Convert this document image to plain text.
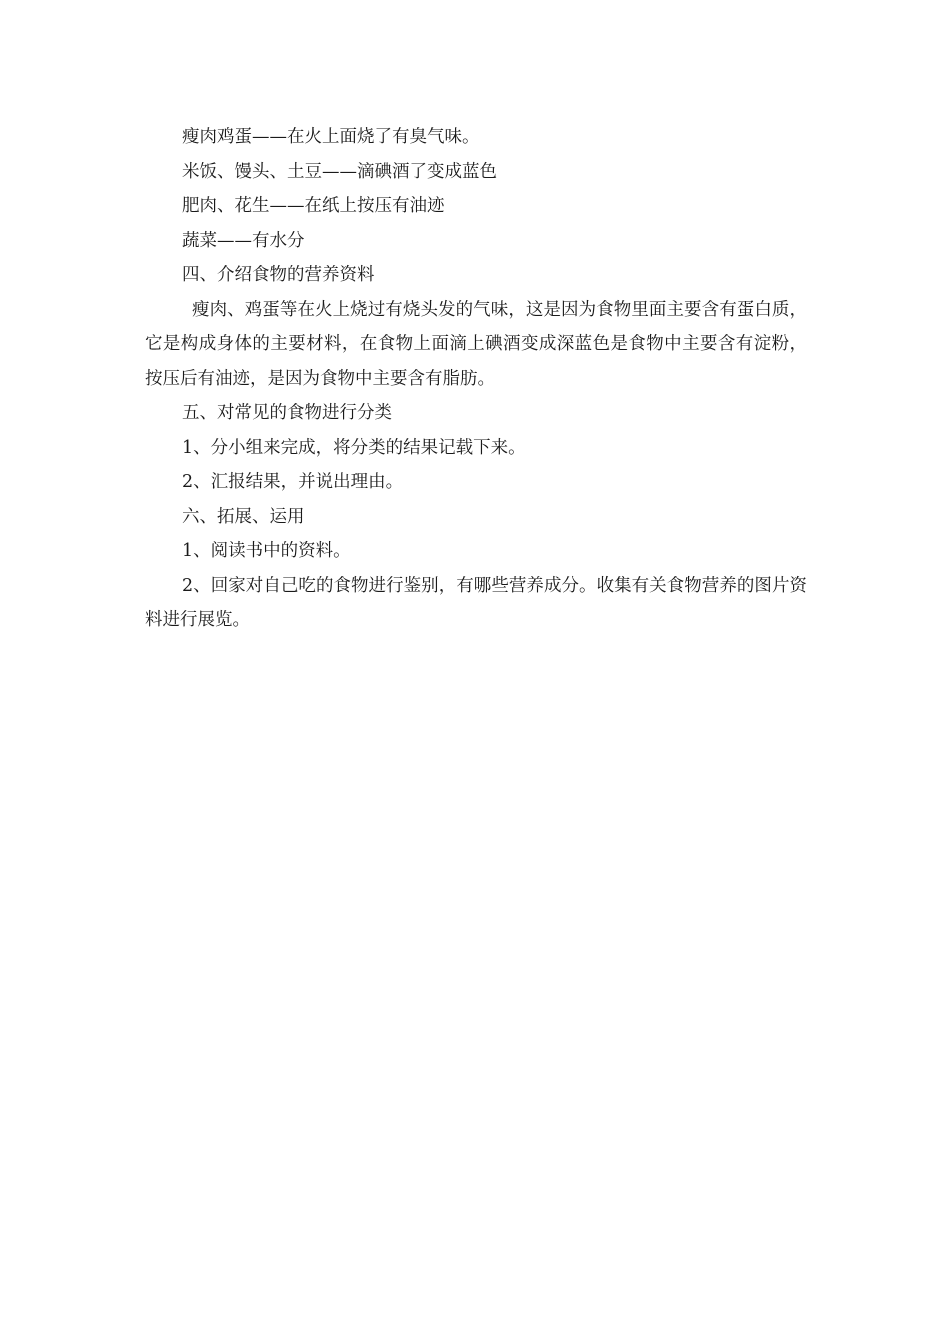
瘦肉鸡蛋——在火上面烧了有臭气味。
米饭、馒头、土豆——滴碘酒了变成蓝色
肥肉、花生——在纸上按压有油迹
蔬菜——有水分
四、介绍食物的营养资料
瘦肉、鸡蛋等在火上烧过有烧头发的气味，这是因为食物里面主要含有蛋白质，它是构成身体的主要材料，在食物上面滴上碘酒变成深蓝色是食物中主要含有淀粉，按压后有油迹，是因为食物中主要含有脂肪。
五、对常见的食物进行分类
1、分小组来完成，将分类的结果记载下来。
2、汇报结果，并说出理由。
六、拓展、运用
1、阅读书中的资料。
2、回家对自己吃的食物进行鉴别，有哪些营养成分。收集有关食物营养的图片资料进行展览。
